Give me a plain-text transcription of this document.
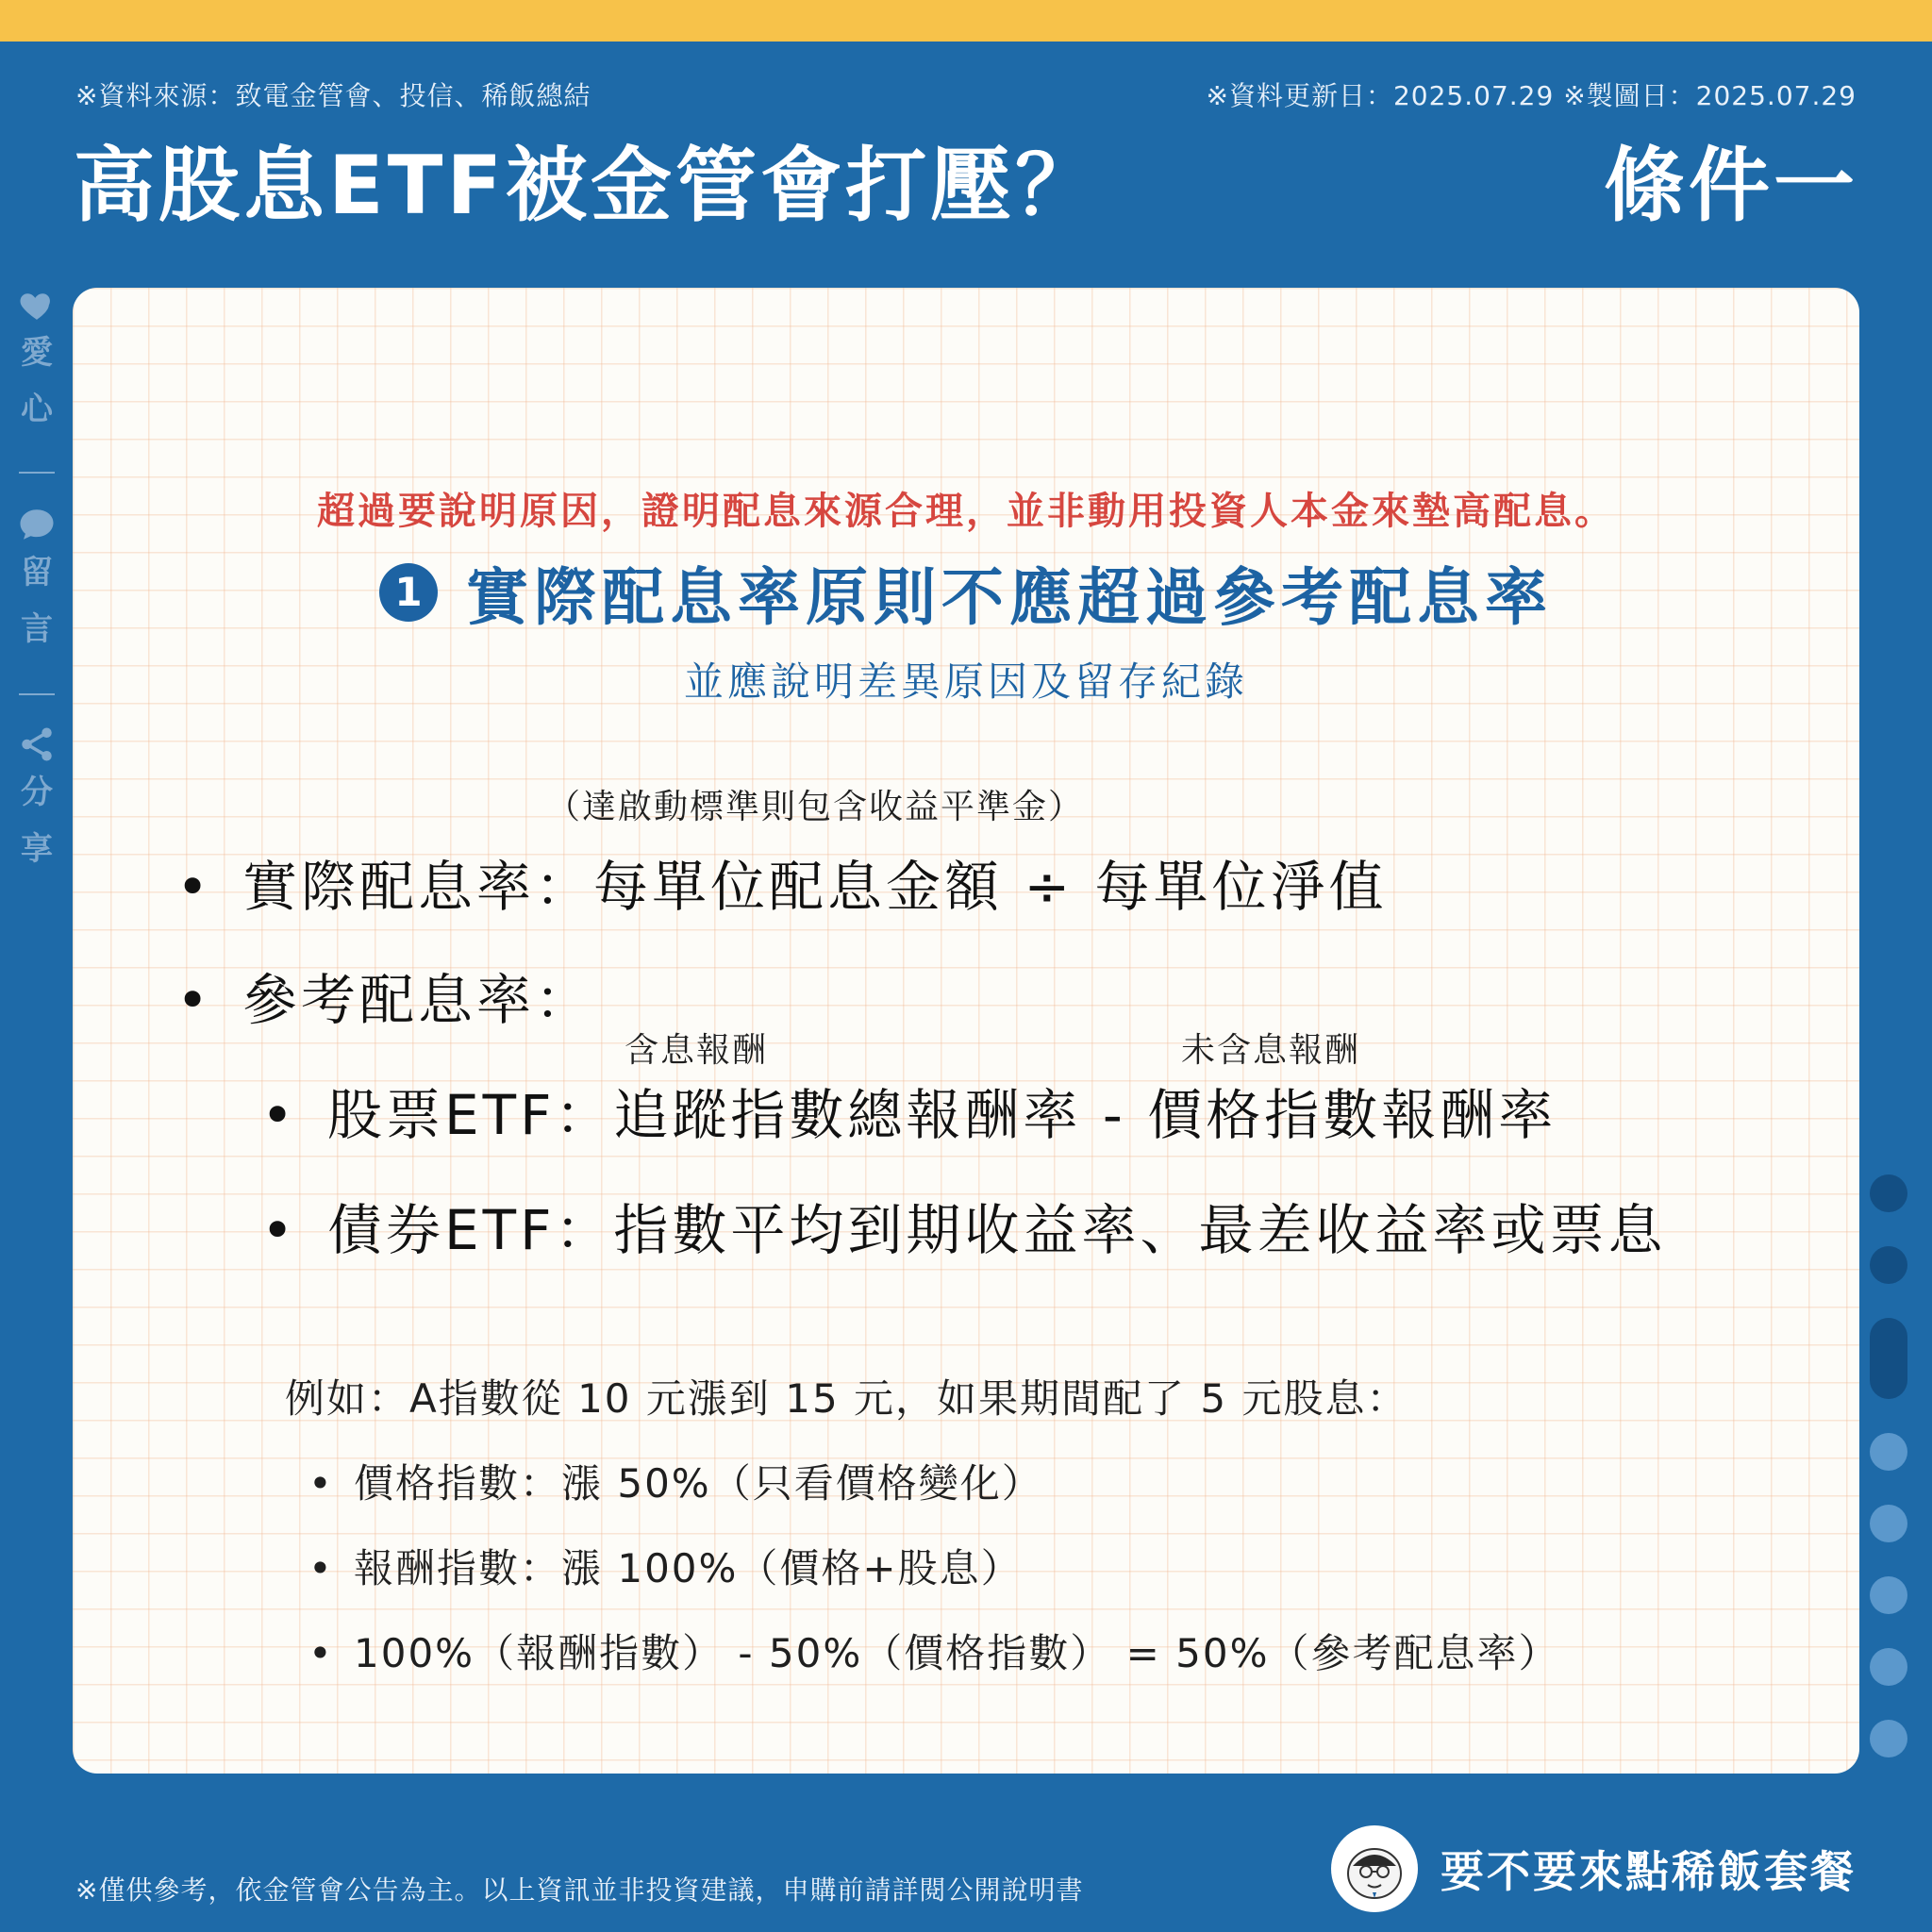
※資料來源：致電金管會、投信、稀飯總結	※資料更新日：2025.07.29 ※製圖日：2025.07.29
高股息ETF被金管會打壓？	條件一
愛
心
留
言
分
享
超過要說明原因，證明配息來源合理，並非動用投資人本金來墊高配息。
1 實際配息率原則不應超過參考配息率
並應說明差異原因及留存紀錄
（達啟動標準則包含收益平準金）
• 實際配息率：每單位配息金額 ÷ 每單位淨值
• 參考配息率：
含息報酬	未含息報酬
• 股票ETF：追蹤指數總報酬率 - 價格指數報酬率
• 債券ETF：指數平均到期收益率、最差收益率或票息
例如：A指數從 10 元漲到 15 元，如果期間配了 5 元股息：
• 價格指數：漲 50%（只看價格變化）
• 報酬指數：漲 100%（價格+股息）
• 100%（報酬指數） - 50%（價格指數） = 50%（參考配息率）
※僅供參考，依金管會公告為主。以上資訊並非投資建議，申購前請詳閱公開說明書	要不要來點稀飯套餐
